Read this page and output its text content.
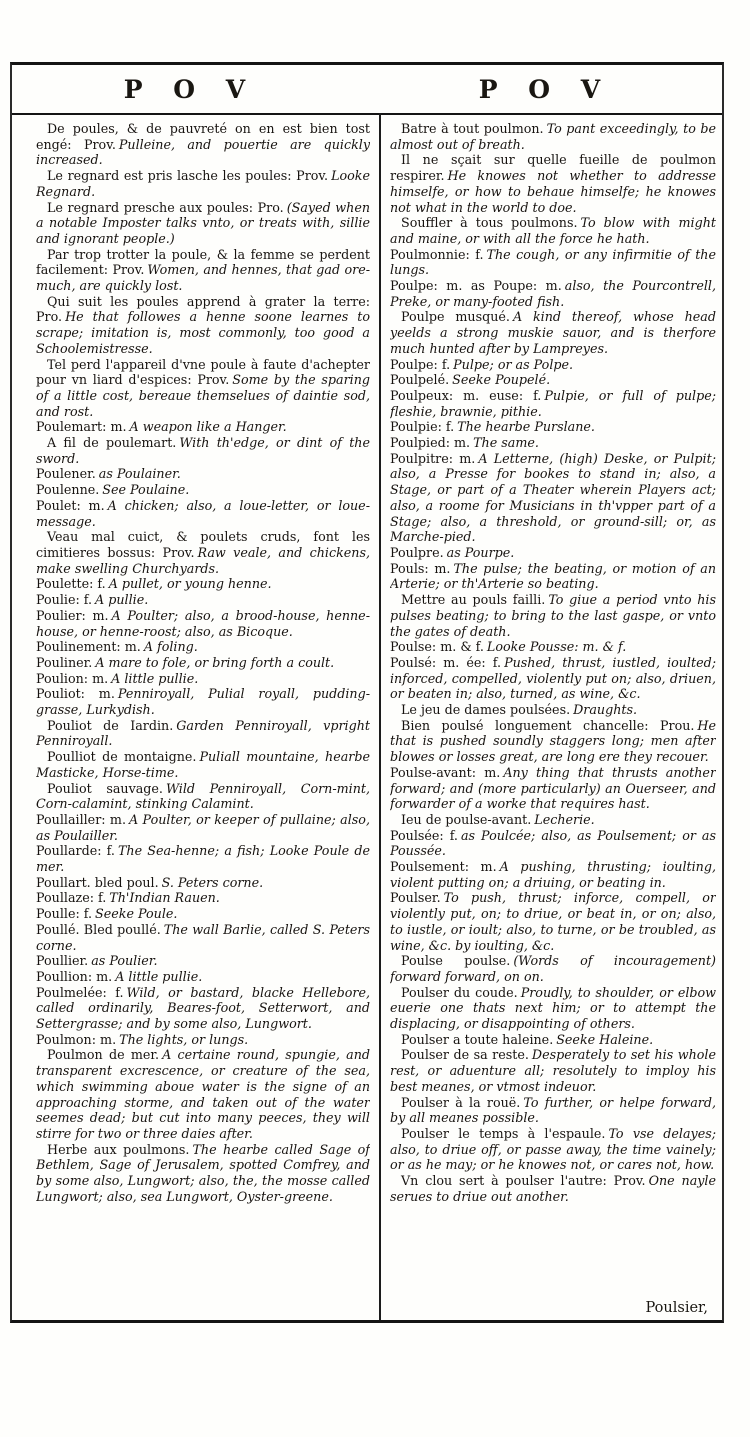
P O V	P O V

De poules, & de pauvreté on en est bien tost engé: Prov. Pulleine, and pouertie are quickly increased.

Le regnard est pris lasche les poules: Prov. Looke Regnard.

Le regnard presche aux poules: Pro. (Sayed when a notable Imposter talks vnto, or treats with, sillie and ignorant people.)

Par trop trotter la poule, & la femme se perdent facilement: Prov. Women, and hennes, that gad ore-much, are quickly lost.

Qui suit les poules apprend à grater la terre: Pro. He that followes a henne soone learnes to scrape; imitation is, most commonly, too good a Schoolemistresse.

Tel perd l'appareil d'vne poule à faute d'achepter pour vn liard d'espices: Prov. Some by the sparing of a little cost, bereaue themselues of daintie sod, and rost.

Poulemart: m. A weapon like a Hanger.

A fil de poulemart. With th'edge, or dint of the sword.

Poulener. as Poulainer.

Poulenne. See Poulaine.

Poulet: m. A chicken; also, a loue-letter, or loue-message.

Veau mal cuict, & poulets cruds, font les cimitieres bossus: Prov. Raw veale, and chickens, make swelling Churchyards.

Poulette: f. A pullet, or young henne.

Poulie: f. A pullie.

Poulier: m. A Poulter; also, a brood-house, henne-house, or henne-roost; also, as Bicoque.

Poulinement: m. A foling.

Pouliner. A mare to fole, or bring forth a coult.

Poulion: m. A little pullie.

Pouliot: m. Penniroyall, Pulial royall, pudding-grasse, Lurkydish.

Pouliot de Iardin. Garden Penniroyall, vpright Penniroyall.

Poulliot de montaigne. Puliall mountaine, hearbe Masticke, Horse-time.

Pouliot sauvage. Wild Penniroyall, Corn-mint, Corn-calamint, stinking Calamint.

Poullailler: m. A Poulter, or keeper of pullaine; also, as Poulailler.

Poullarde: f. The Sea-henne; a fish; Looke Poule de mer.

Poullart. bled poul. S. Peters corne.

Poullaze: f. Th'Indian Rauen.

Poulle: f. Seeke Poule.

Poullé. Bled poullé. The wall Barlie, called S. Peters corne.

Poullier. as Poulier.

Poullion: m. A little pullie.

Poulmelée: f. Wild, or bastard, blacke Hellebore, called ordinarily, Beares-foot, Setterwort, and Settergrasse; and by some also, Lungwort.

Poulmon: m. The lights, or lungs.

Poulmon de mer. A certaine round, spungie, and transparent excrescence, or creature of the sea, which swimming aboue water is the signe of an approaching storme, and taken out of the water seemes dead; but cut into many peeces, they will stirre for two or three daies after.

Herbe aux poulmons. The hearbe called Sage of Bethlem, Sage of Jerusalem, spotted Comfrey, and by some also, Lungwort; also, the, the mosse called Lungwort; also, sea Lungwort, Oyster-greene.

Batre à tout poulmon. To pant exceedingly, to be almost out of breath.

Il ne sçait sur quelle fueille de poulmon respirer. He knowes not whether to addresse himselfe, or how to behaue himselfe; he knowes not what in the world to doe.

Souffler à tous poulmons. To blow with might and maine, or with all the force he hath.

Poulmonnie: f. The cough, or any infirmitie of the lungs.

Poulpe: m. as Poupe: m. also, the Pourcontrell, Preke, or many-footed fish.

Poulpe musqué. A kind thereof, whose head yeelds a strong muskie sauor, and is therfore much hunted after by Lampreyes.

Poulpe: f. Pulpe; or as Polpe.

Poulpelé. Seeke Poupelé.

Poulpeux: m. euse: f. Pulpie, or full of pulpe; fleshie, brawnie, pithie.

Poulpie: f. The hearbe Purslane.

Poulpied: m. The same.

Poulpitre: m. A Letterne, (high) Deske, or Pulpit; also, a Presse for bookes to stand in; also, a Stage, or part of a Theater wherein Players act; also, a roome for Musicians in th'vpper part of a Stage; also, a threshold, or ground-sill; or, as Marche-pied.

Poulpre. as Pourpe.

Pouls: m. The pulse; the beating, or motion of an Arterie; or th'Arterie so beating.

Mettre au pouls failli. To giue a period vnto his pulses beating; to bring to the last gaspe, or vnto the gates of death.

Poulse: m. & f. Looke Pousse: m. & f.

Poulsé: m. ée: f. Pushed, thrust, iustled, ioulted; inforced, compelled, violently put on; also, driuen, or beaten in; also, turned, as wine, &c.

Le jeu de dames poulsées. Draughts.

Bien poulsé longuement chancelle: Prou. He that is pushed soundly staggers long; men after blowes or losses great, are long ere they recouer.

Poulse-avant: m. Any thing that thrusts another forward; and (more particularly) an Ouerseer, and forwarder of a worke that requires hast.

Ieu de poulse-avant. Lecherie.

Poulsée: f. as Poulcée; also, as Poulsement; or as Poussée.

Poulsement: m. A pushing, thrusting; ioulting, violent putting on; a driuing, or beating in.

Poulser. To push, thrust; inforce, compell, or violently put, on; to driue, or beat in, or on; also, to iustle, or ioult; also, to turne, or be troubled, as wine, &c. by ioulting, &c.

Poulse poulse. (Words of incouragement) forward forward, on on.

Poulser du coude. Proudly, to shoulder, or elbow euerie one thats next him; or to attempt the displacing, or disappointing of others.

Poulser a toute haleine. Seeke Haleine.

Poulser de sa reste. Desperately to set his whole rest, or aduenture all; resolutely to imploy his best meanes, or vtmost indeuor.

Poulser à la rouë. To further, or helpe forward, by all meanes possible.

Poulser le temps à l'espaule. To vse delayes; also, to driue off, or passe away, the time vainely; or as he may; or he knowes not, or cares not, how.

Vn clou sert à poulser l'autre: Prov. One nayle serues to driue out another.

Poulsier,
